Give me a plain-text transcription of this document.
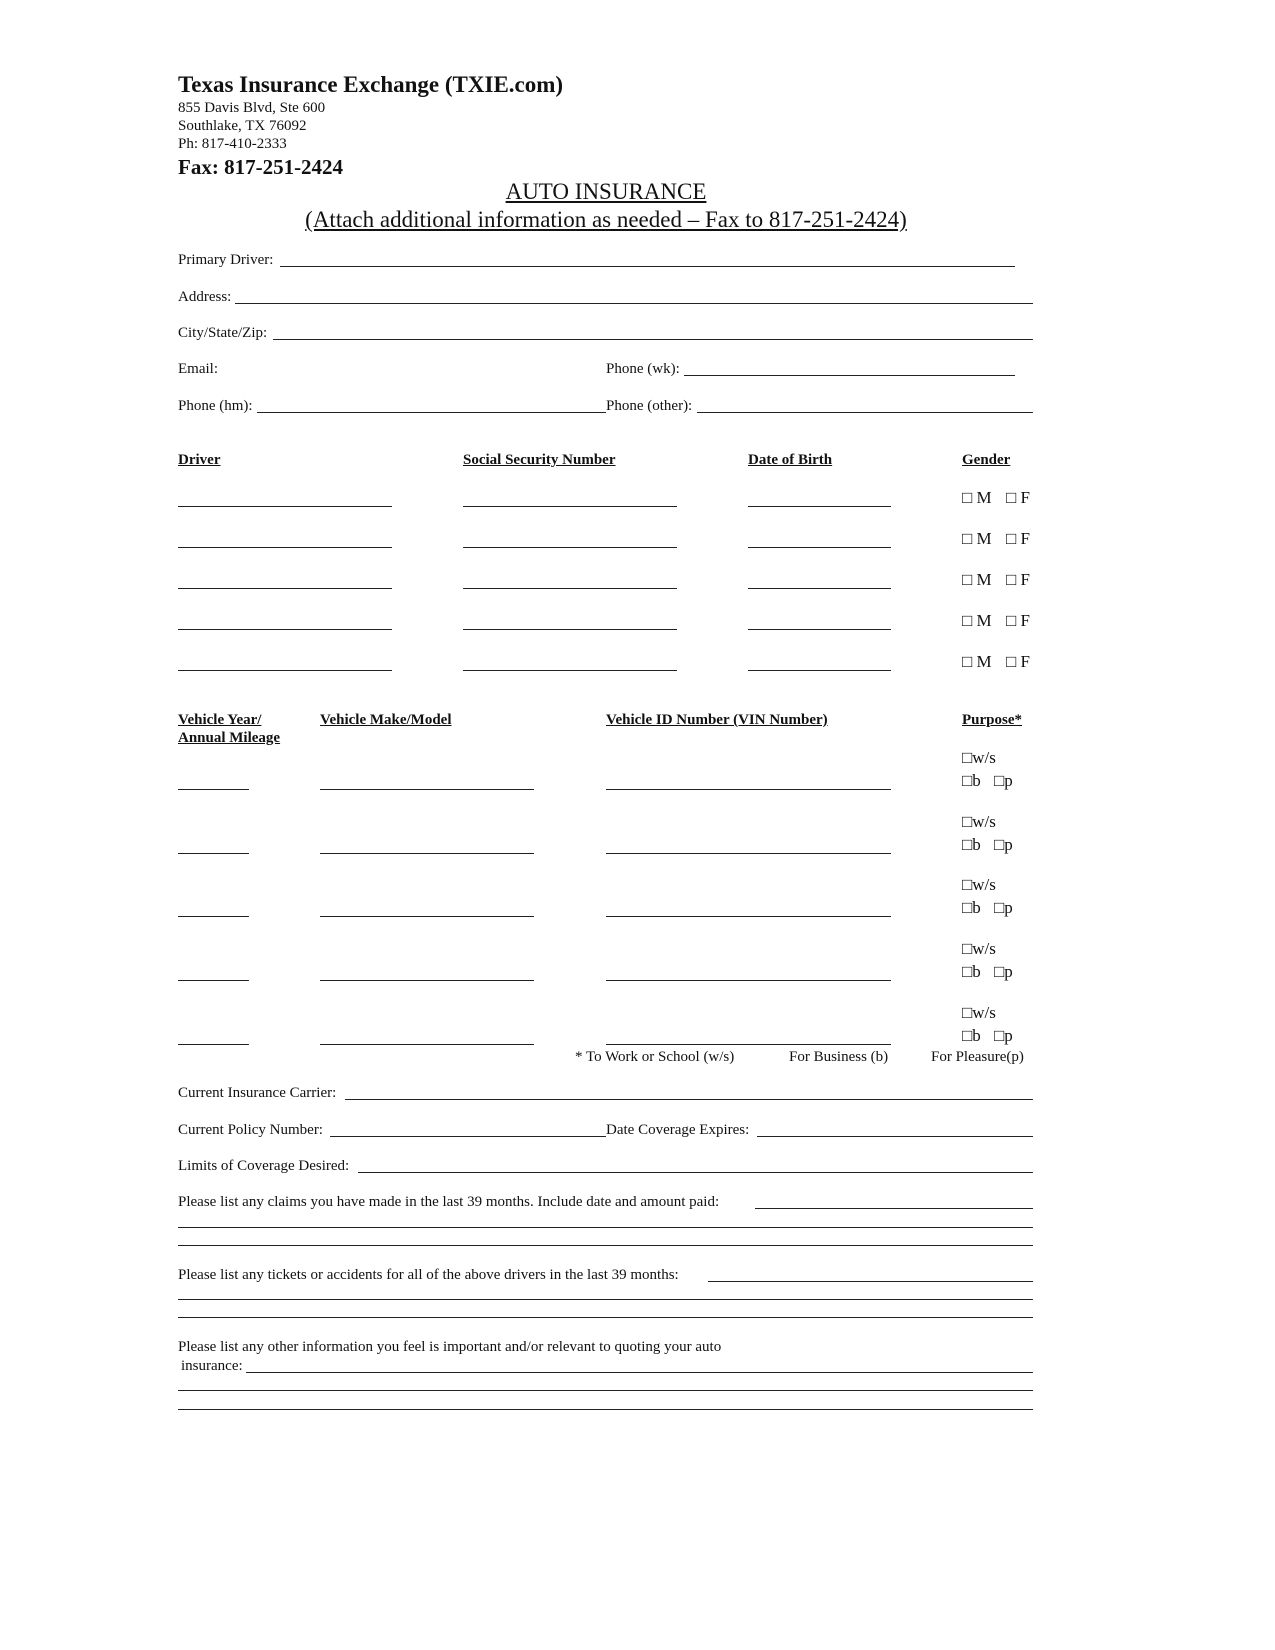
Texas Insurance Exchange (TXIE.com)
855 Davis Blvd, Ste 600
Southlake, TX 76092
Ph: 817-410-2333
Fax: 817-251-2424
AUTO INSURANCE
(Attach additional information as needed – Fax to 817-251-2424)
Primary Driver:
Address:
City/State/Zip:
Email:	Phone (wk):
Phone (hm):	Phone (other):
Driver	Social Security Number	Date of Birth	Gender
□ M □ F
□ M □ F
□ M □ F
□ M □ F
□ M □ F
Vehicle Year/
Annual Mileage
Vehicle Make/Model	Vehicle ID Number (VIN Number)	Purpose*
□w/s
□b □p
□w/s
□b □p
□w/s
□b □p
□w/s
□b □p
□w/s
□b □p
* To Work or School (w/s)	For Business (b)	For Pleasure(p)
Current Insurance Carrier:
Current Policy Number:	Date Coverage Expires:
Limits of Coverage Desired:
Please list any claims you have made in the last 39 months. Include date and amount paid:
Please list any tickets or accidents for all of the above drivers in the last 39 months:
Please list any other information you feel is important and/or relevant to quoting your auto
insurance:
